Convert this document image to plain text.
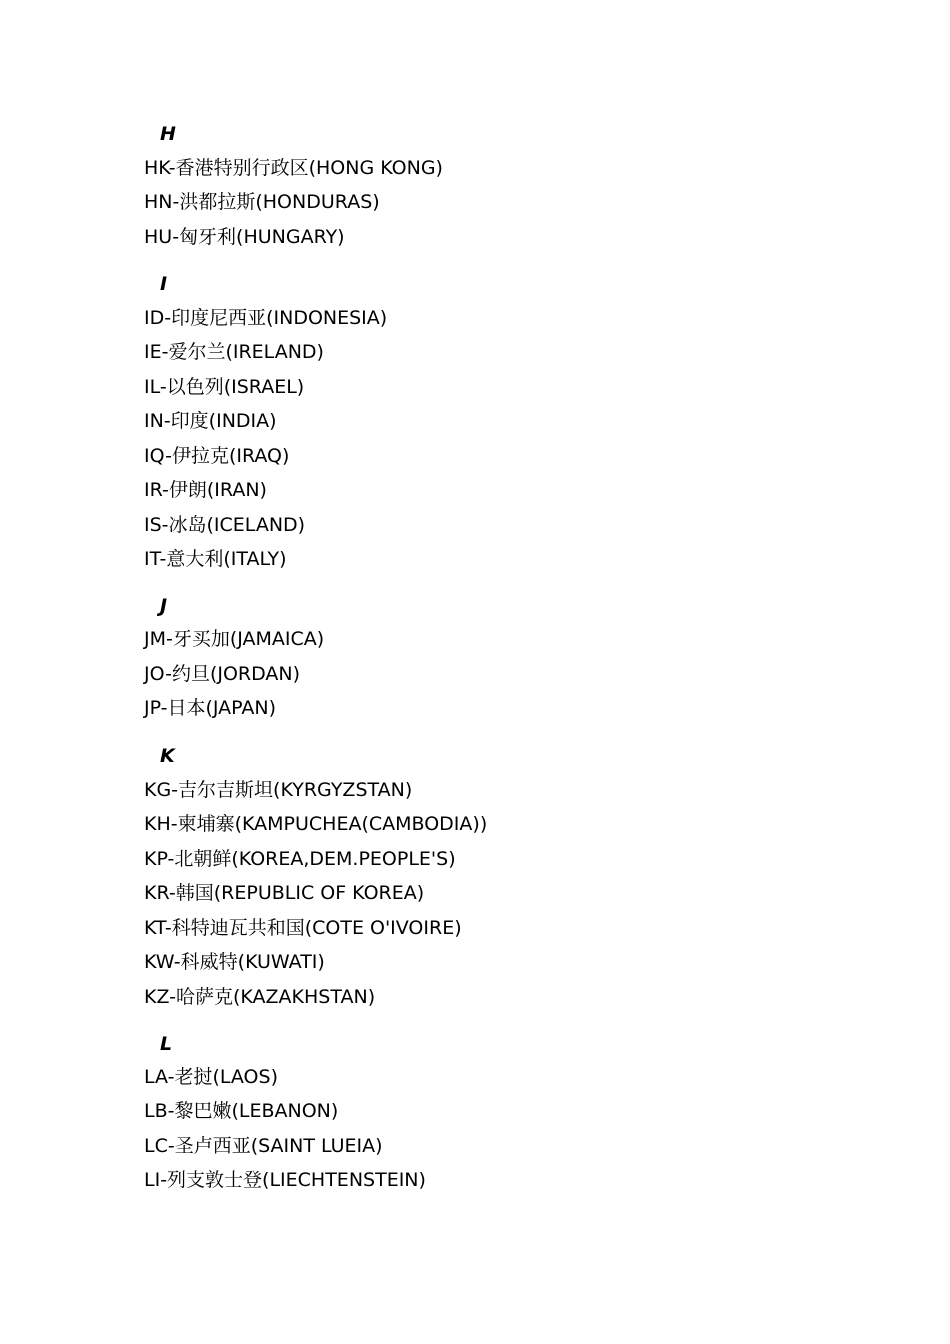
H
HK-香港特别行政区(HONG KONG)
HN-洪都拉斯(HONDURAS)
HU-匈牙利(HUNGARY)
I
ID-印度尼西亚(INDONESIA)
IE-爱尔兰(IRELAND)
IL-以色列(ISRAEL)
IN-印度(INDIA)
IQ-伊拉克(IRAQ)
IR-伊朗(IRAN)
IS-冰岛(ICELAND)
IT-意大利(ITALY)
J
JM-牙买加(JAMAICA)
JO-约旦(JORDAN)
JP-日本(JAPAN)
K
KG-吉尔吉斯坦(KYRGYZSTAN)
KH-柬埔寨(KAMPUCHEA(CAMBODIA))
KP-北朝鲜(KOREA,DEM.PEOPLE'S)
KR-韩国(REPUBLIC OF KOREA)
KT-科特迪瓦共和国(COTE O'IVOIRE)
KW-科威特(KUWATI)
KZ-哈萨克(KAZAKHSTAN)
L
LA-老挝(LAOS)
LB-黎巴嫩(LEBANON)
LC-圣卢西亚(SAINT LUEIA)
LI-列支敦士登(LIECHTENSTEIN)
